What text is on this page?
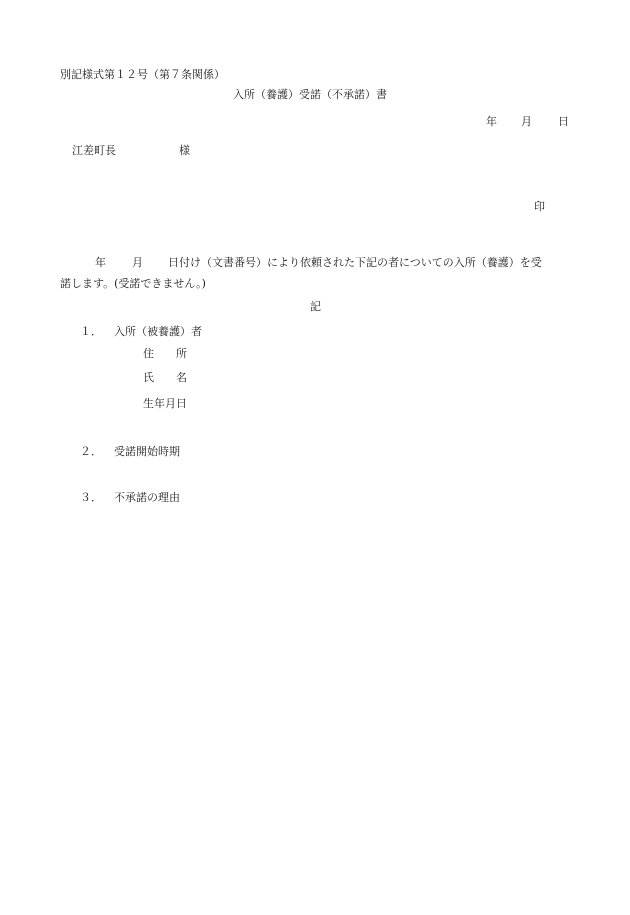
別記様式第１２号（第７条関係）
入所（養護）受諾（不承諾）書
年 月 日
江差町長	様
印
年 月 日付け（文書番号）により依頼された下記の者についての入所（養護）を受
諾します。(受諾できません。)
記
１． 入所（被養護）者
住　　所
氏　　名
生年月日
２． 受諾開始時期
３． 不承諾の理由
